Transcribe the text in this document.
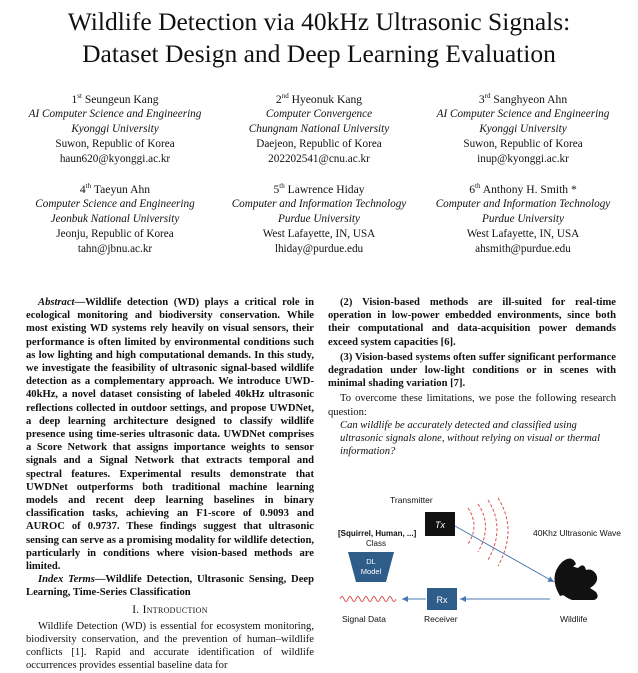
Wildlife Detection via 40kHz Ultrasonic Signals:
Dataset Design and Deep Learning Evaluation
1st Seungeun Kang
AI Computer Science and Engineering
Kyonggi University
Suwon, Republic of Korea
haun620@kyonggi.ac.kr
2nd Hyeonuk Kang
Computer Convergence
Chungnam National University
Daejeon, Republic of Korea
202202541@cnu.ac.kr
3rd Sanghyeon Ahn
AI Computer Science and Engineering
Kyonggi University
Suwon, Republic of Korea
inup@kyonggi.ac.kr
4th Taeyun Ahn
Computer Science and Engineering
Jeonbuk National University
Jeonju, Republic of Korea
tahn@jbnu.ac.kr
5th Lawrence Hiday
Computer and Information Technology
Purdue University
West Lafayette, IN, USA
lhiday@purdue.edu
6th Anthony H. Smith *
Computer and Information Technology
Purdue University
West Lafayette, IN, USA
ahsmith@purdue.edu

Abstract—Wildlife detection (WD) plays a critical role in ecological monitoring and biodiversity conservation. While most existing WD systems rely heavily on visual sensors, their performance is often limited by environmental conditions such as low lighting and high computational demands. In this study, we investigate the feasibility of ultrasonic signal-based wildlife detection as a complementary approach. We introduce UWD-40kHz, a novel dataset consisting of labeled 40kHz ultrasonic reflections collected in outdoor settings, and propose UWDNet, a deep learning architecture designed to classify wildlife presence using time-series ultrasonic data. UWDNet comprises a Score Network that assigns importance weights to sensor signals and a Signal Network that extracts temporal and spectral features. Experimental results demonstrate that UWDNet outperforms both traditional machine learning models and recent deep learning baselines in binary classification tasks, achieving an F1-score of 0.9093 and AUROC of 0.9737. These findings suggest that ultrasonic sensing can serve as a promising modality for wildlife detection, particularly in conditions where vision-based methods are limited.

Index Terms—Wildlife Detection, Ultrasonic Sensing, Deep Learning, Time-Series Classification

I. Introduction

Wildlife Detection (WD) is essential for ecosystem monitoring, biodiversity conservation, and the prevention of human–wildlife conflicts [1]. Rapid and accurate identification of wildlife occurrences provides essential baseline data for

(2) Vision-based methods are ill-suited for real-time operation in low-power embedded environments, since both their computational and data-acquisition power demands exceed system capacities [6].

(3) Vision-based systems often suffer significant performance degradation under low-light conditions or in scenes with minimal shading variation [7].

To overcome these limitations, we pose the following research question:

Can wildlife be accurately detected and classified using ultrasonic signals alone, without relying on visual or thermal information?

Transmitter
Tx
40Khz Ultrasonic Wave
[Squirrel, Human, ...]
Class
DL
Model
Signal Data
Rx
Receiver	Wildlife
